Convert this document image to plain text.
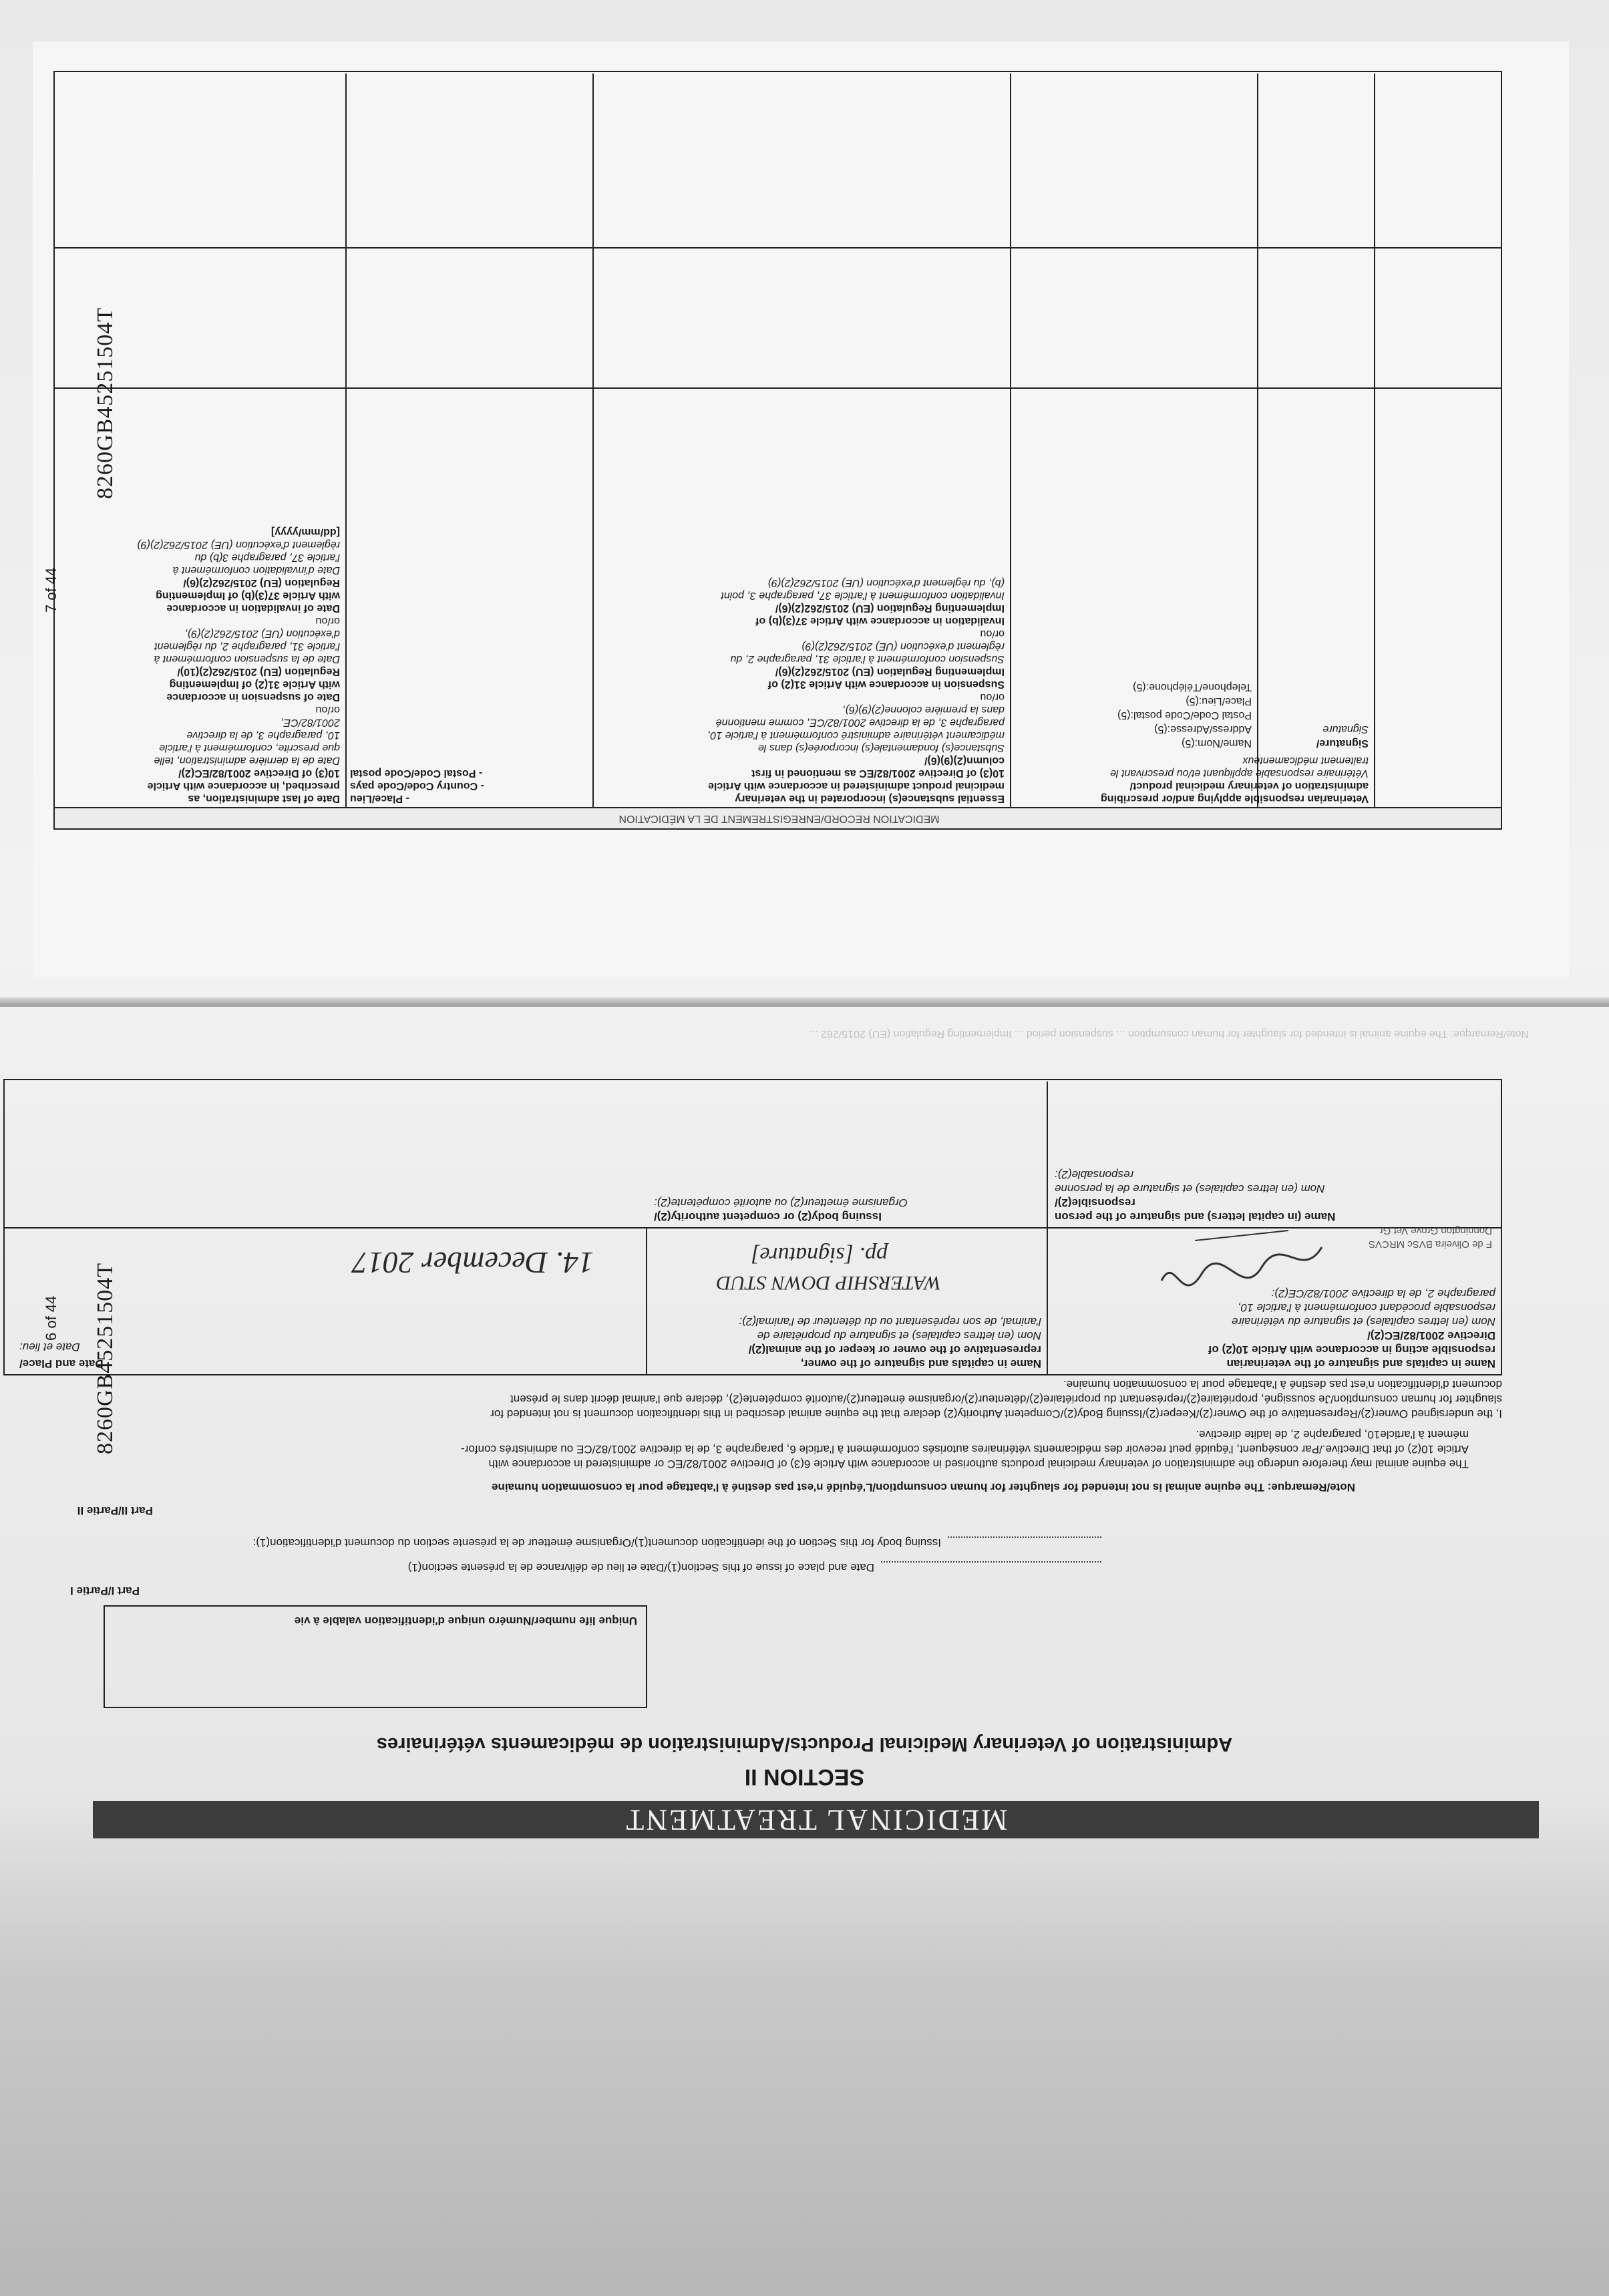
MEDICINAL TREATMENT
SECTION II
Administration of Veterinary Medicinal Products/Administration de médicaments vétérinaires
Unique life number/Numéro unique d'identification valable à vie
Part I/Partie I
Date and place of issue of this Section(1)/Date et lieu de délivrance de la présente section(1)
Issuing body for this Section of the identification document(1)/Organisme émetteur de la présente section du document d'identification(1):
Part II/Partie II
Note/Remarque: The equine animal is not intended for slaughter for human consumption/L'équidé n'est pas destiné à l'abattage pour la consommation humaine
The equine animal may therefore undergo the administration of veterinary medicinal products authorised in accordance with Article 6(3) of Directive 2001/82/EC or administered in accordance with
Article 10(2) of that Directive./Par conséquent, l'équidé peut recevoir des médicaments vétérinaires autorisés conformément à l'article 6, paragraphe 3, de la directive 2001/82/CE ou administrés confor-
mément à l'article10, paragraphe 2, de ladite directive.
I, the undersigned Owner(2)/Representative of the Owner(2)/Keeper(2)/Issuing Body(2)/Competent Authority(2) declare that the equine animal described in this identification document is not intended for
slaughter for human consumption/Je soussigné, propriétaire(2)/représentant du propriétaire(2)/détenteur(2)/organisme émetteur(2)/autorité compétente(2), déclare que l'animal décrit dans le présent
document d'identification n'est pas destiné à l'abattage pour la consommation humaine.
Date and Place/
Date et lieu:
Name in capitals and signature of the owner,
representative of the owner or keeper of the animal(2)/
Nom (en lettres capitales) et signature du propriétaire de
l'animal, de son représentant ou du détenteur de l'animal(2):
Name in capitals and signature of the veterinarian
responsible acting in accordance with Article 10(2) of
Directive 2001/82/EC(2)/
Nom (en lettres capitales) et signature du vétérinaire
responsable procédant conformément à l'article 10,
paragraphe 2, de la directive 2001/82/CE(2):
Issuing body(2) or competent authority(2)/
Organisme émetteur(2) ou autorité compétente(2):
Name (in capital letters) and signature of the person
responsible(2)/
Nom (en lettres capitales) et signature de la personne
responsable(2):
14. December 2017
WATERSHIP DOWN STUD
pp. [signature]	F de Oliveira BVSc MRCVS
Donnington Grove Vet Gr
8260GB45251504T
6 of 44
Note/Remarque: The equine animal is intended for slaughter for human consumption ... suspension period ... Implementing Regulation (EU) 2015/262 ...
MEDICATION RECORD/ENREGISTREMENT DE LA MÉDICATION
Date of last administration, as
prescribed, in accordance with Article
10(3) of Directive 2001/82/EC(2)/
Date de la dernière administration, telle
que prescrite, conformément à l'article
10, paragraphe 3, de la directive
2001/82/CE,
or/ou
Date of suspension in accordance
with Article 31(2) of Implementing
Regulation (EU) 2015/262(2)(10)/
Date de la suspension conformément à
l'article 31, paragraphe 2, du règlement
d'exécution (UE) 2015/262(2)(9),
or/ou
Date of invalidation in accordance
with Article 37(3)(b) of Implementing
Regulation (EU) 2015/262(2)(6)/
Date d'invalidation conformément à
l'article 37, paragraphe 3(b) du
règlement d'exécution (UE) 2015/262(2)(9)
[dd/mm/yyyy]
- Place/Lieu
- Country Code/Code pays
- Postal Code/Code postal
Essential substance(s) incorporated in the veterinary
medicinal product administered in accordance with Article
10(3) of Directive 2001/82/EC as mentioned in first
column(2)(9)(6)/
Substance(s) fondamentale(s) incorporée(s) dans le
médicament vétérinaire administré conformément à l'article 10,
paragraphe 3, de la directive 2001/82/CE, comme mentionné
dans la première colonne(2)(9)(6),
or/ou
Suspension in accordance with Article 31(2) of
Implementing Regulation (EU) 2015/262(2)(6)/
Suspension conformément à l'article 31, paragraphe 2, du
règlement d'exécution (UE) 2015/262(2)(9)
or/ou
Invalidation in accordance with Article 37(3)(b) of
Implementing Regulation (EU) 2015/262(2)(6)/
Invalidation conformément à l'article 37, paragraphe 3, point
(b), du règlement d'exécution (UE) 2015/262(2)(9)
Veterinarian responsible applying and/or prescribing
administration of veterinary medicinal product/
Vétérinaire responsable appliquant et/ou prescrivant le
traitement médicamenteux
Name/Nom:(5)
Address/Adresse:(5)
Postal Code/Code postal:(5)
Place/Lieu:(5)
Telephone/Téléphone:(5)
Signature/
Signature
8260GB45251504T
7 of 44
